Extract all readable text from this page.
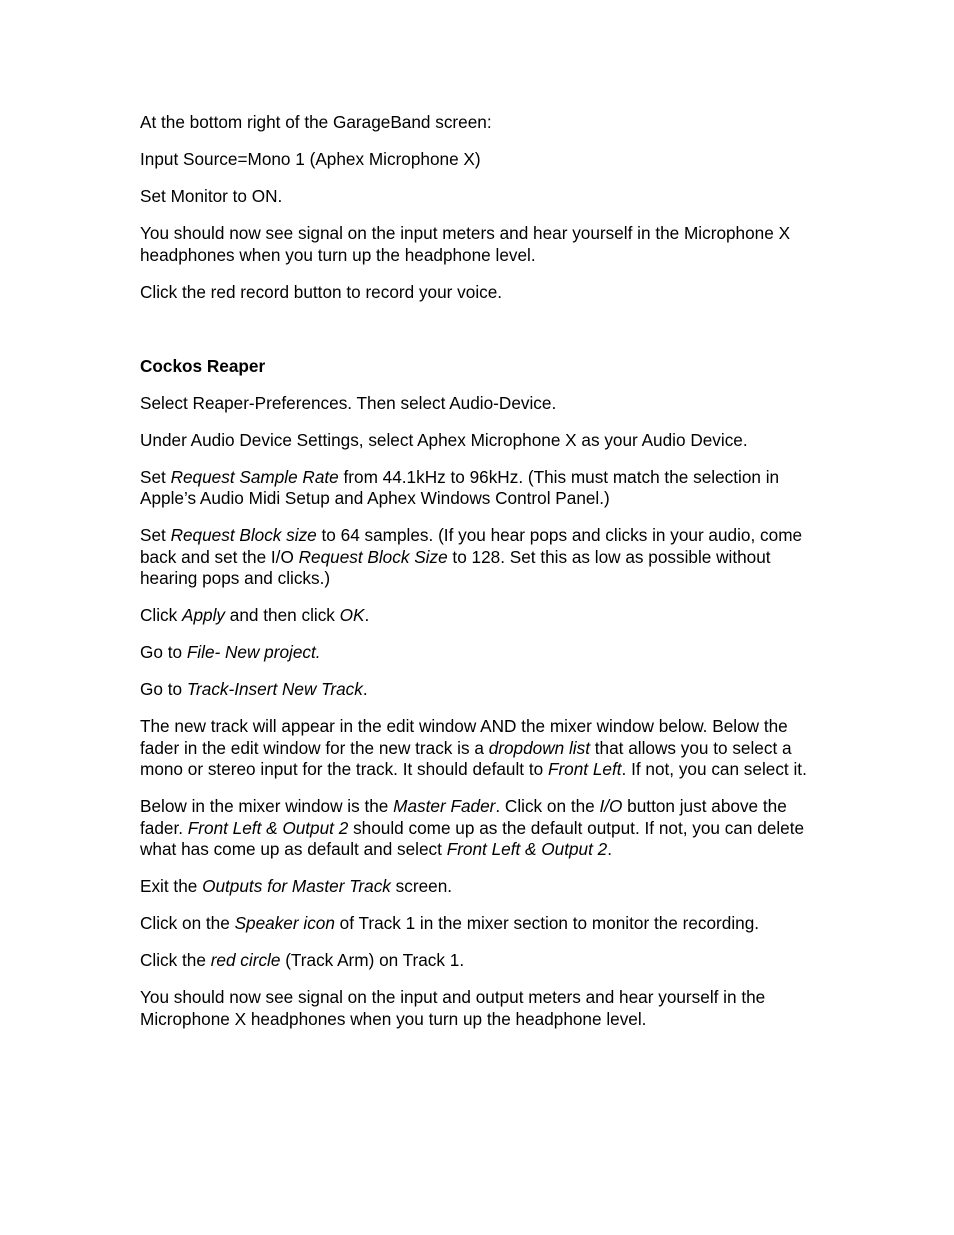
At the bottom right of the GarageBand screen:

Input Source=Mono 1 (Aphex Microphone X)

Set Monitor to ON.

You should now see signal on the input meters and hear yourself in the Microphone X headphones when you turn up the headphone level.

Click the red record button to record your voice.

Cockos Reaper

Select Reaper-Preferences. Then select Audio-Device.

Under Audio Device Settings, select Aphex Microphone X as your Audio Device.

Set Request Sample Rate from 44.1kHz to 96kHz. (This must match the selection in Apple’s Audio Midi Setup and Aphex Windows Control Panel.)

Set Request Block size to 64 samples. (If you hear pops and clicks in your audio, come back and set the I/O Request Block Size to 128. Set this as low as possible without hearing pops and clicks.)

Click Apply and then click OK.

Go to File- New project.

Go to Track-Insert New Track.

The new track will appear in the edit window AND the mixer window below. Below the fader in the edit window for the new track is a dropdown list that allows you to select a mono or stereo input for the track. It should default to Front Left. If not, you can select it.

Below in the mixer window is the Master Fader. Click on the I/O button just above the fader. Front Left & Output 2 should come up as the default output. If not, you can delete what has come up as default and select Front Left & Output 2.

Exit the Outputs for Master Track screen.

Click on the Speaker icon of Track 1 in the mixer section to monitor the recording.

Click the red circle (Track Arm) on Track 1.

You should now see signal on the input and output meters and hear yourself in the Microphone X headphones when you turn up the headphone level.
